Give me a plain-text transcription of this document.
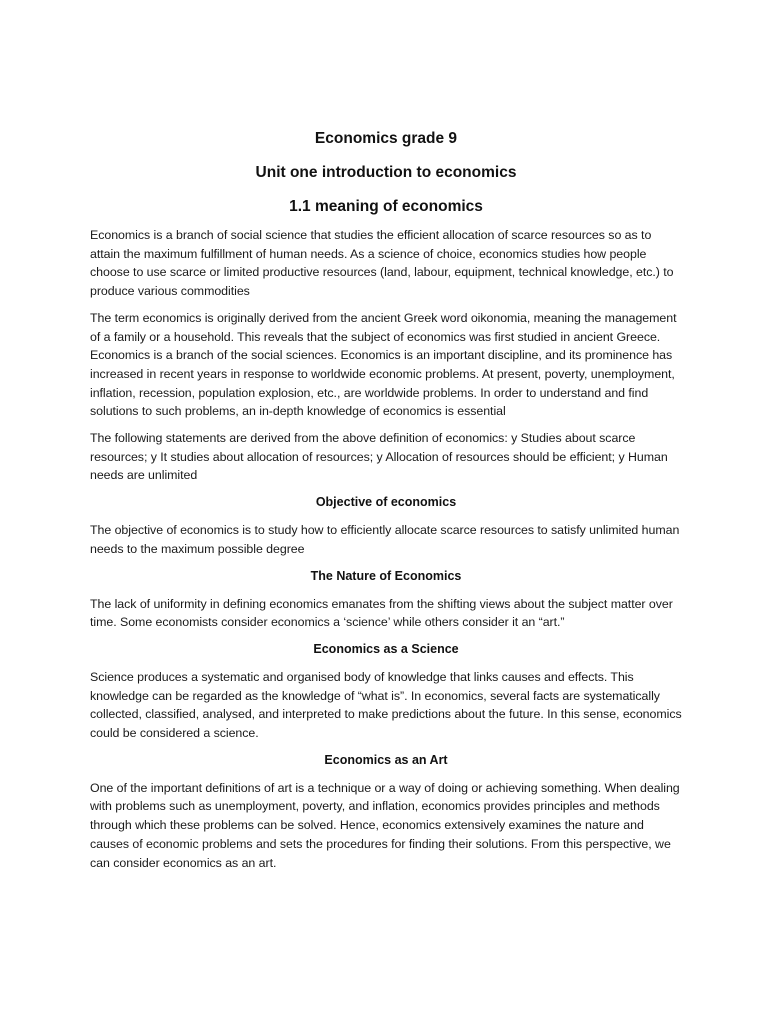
Economics grade 9
Unit one introduction to economics
1.1 meaning of economics

Economics is a branch of social science that studies the efficient allocation of scarce resources so as to attain the maximum fulfillment of human needs. As a science of choice, economics studies how people choose to use scarce or limited productive resources (land, labour, equipment, technical knowledge, etc.) to produce various commodities

The term economics is originally derived from the ancient Greek word oikonomia, meaning the management of a family or a household. This reveals that the subject of economics was first studied in ancient Greece. Economics is a branch of the social sciences. Economics is an important discipline, and its prominence has increased in recent years in response to worldwide economic problems. At present, poverty, unemployment, inflation, recession, population explosion, etc., are worldwide problems. In order to understand and find solutions to such problems, an in-depth knowledge of economics is essential

The following statements are derived from the above definition of economics: y Studies about scarce resources; y It studies about allocation of resources; y Allocation of resources should be efficient; y Human needs are unlimited

Objective of economics

The objective of economics is to study how to efficiently allocate scarce resources to satisfy unlimited human needs to the maximum possible degree

The Nature of Economics

The lack of uniformity in defining economics emanates from the shifting views about the subject matter over time. Some economists consider economics a ‘science’ while others consider it an “art.”

Economics as a Science

Science produces a systematic and organised body of knowledge that links causes and effects. This knowledge can be regarded as the knowledge of “what is”. In economics, several facts are systematically collected, classified, analysed, and interpreted to make predictions about the future. In this sense, economics could be considered a science.

Economics as an Art

One of the important definitions of art is a technique or a way of doing or achieving something. When dealing with problems such as unemployment, poverty, and inflation, economics provides principles and methods through which these problems can be solved. Hence, economics extensively examines the nature and causes of economic problems and sets the procedures for finding their solutions. From this perspective, we can consider economics as an art.
